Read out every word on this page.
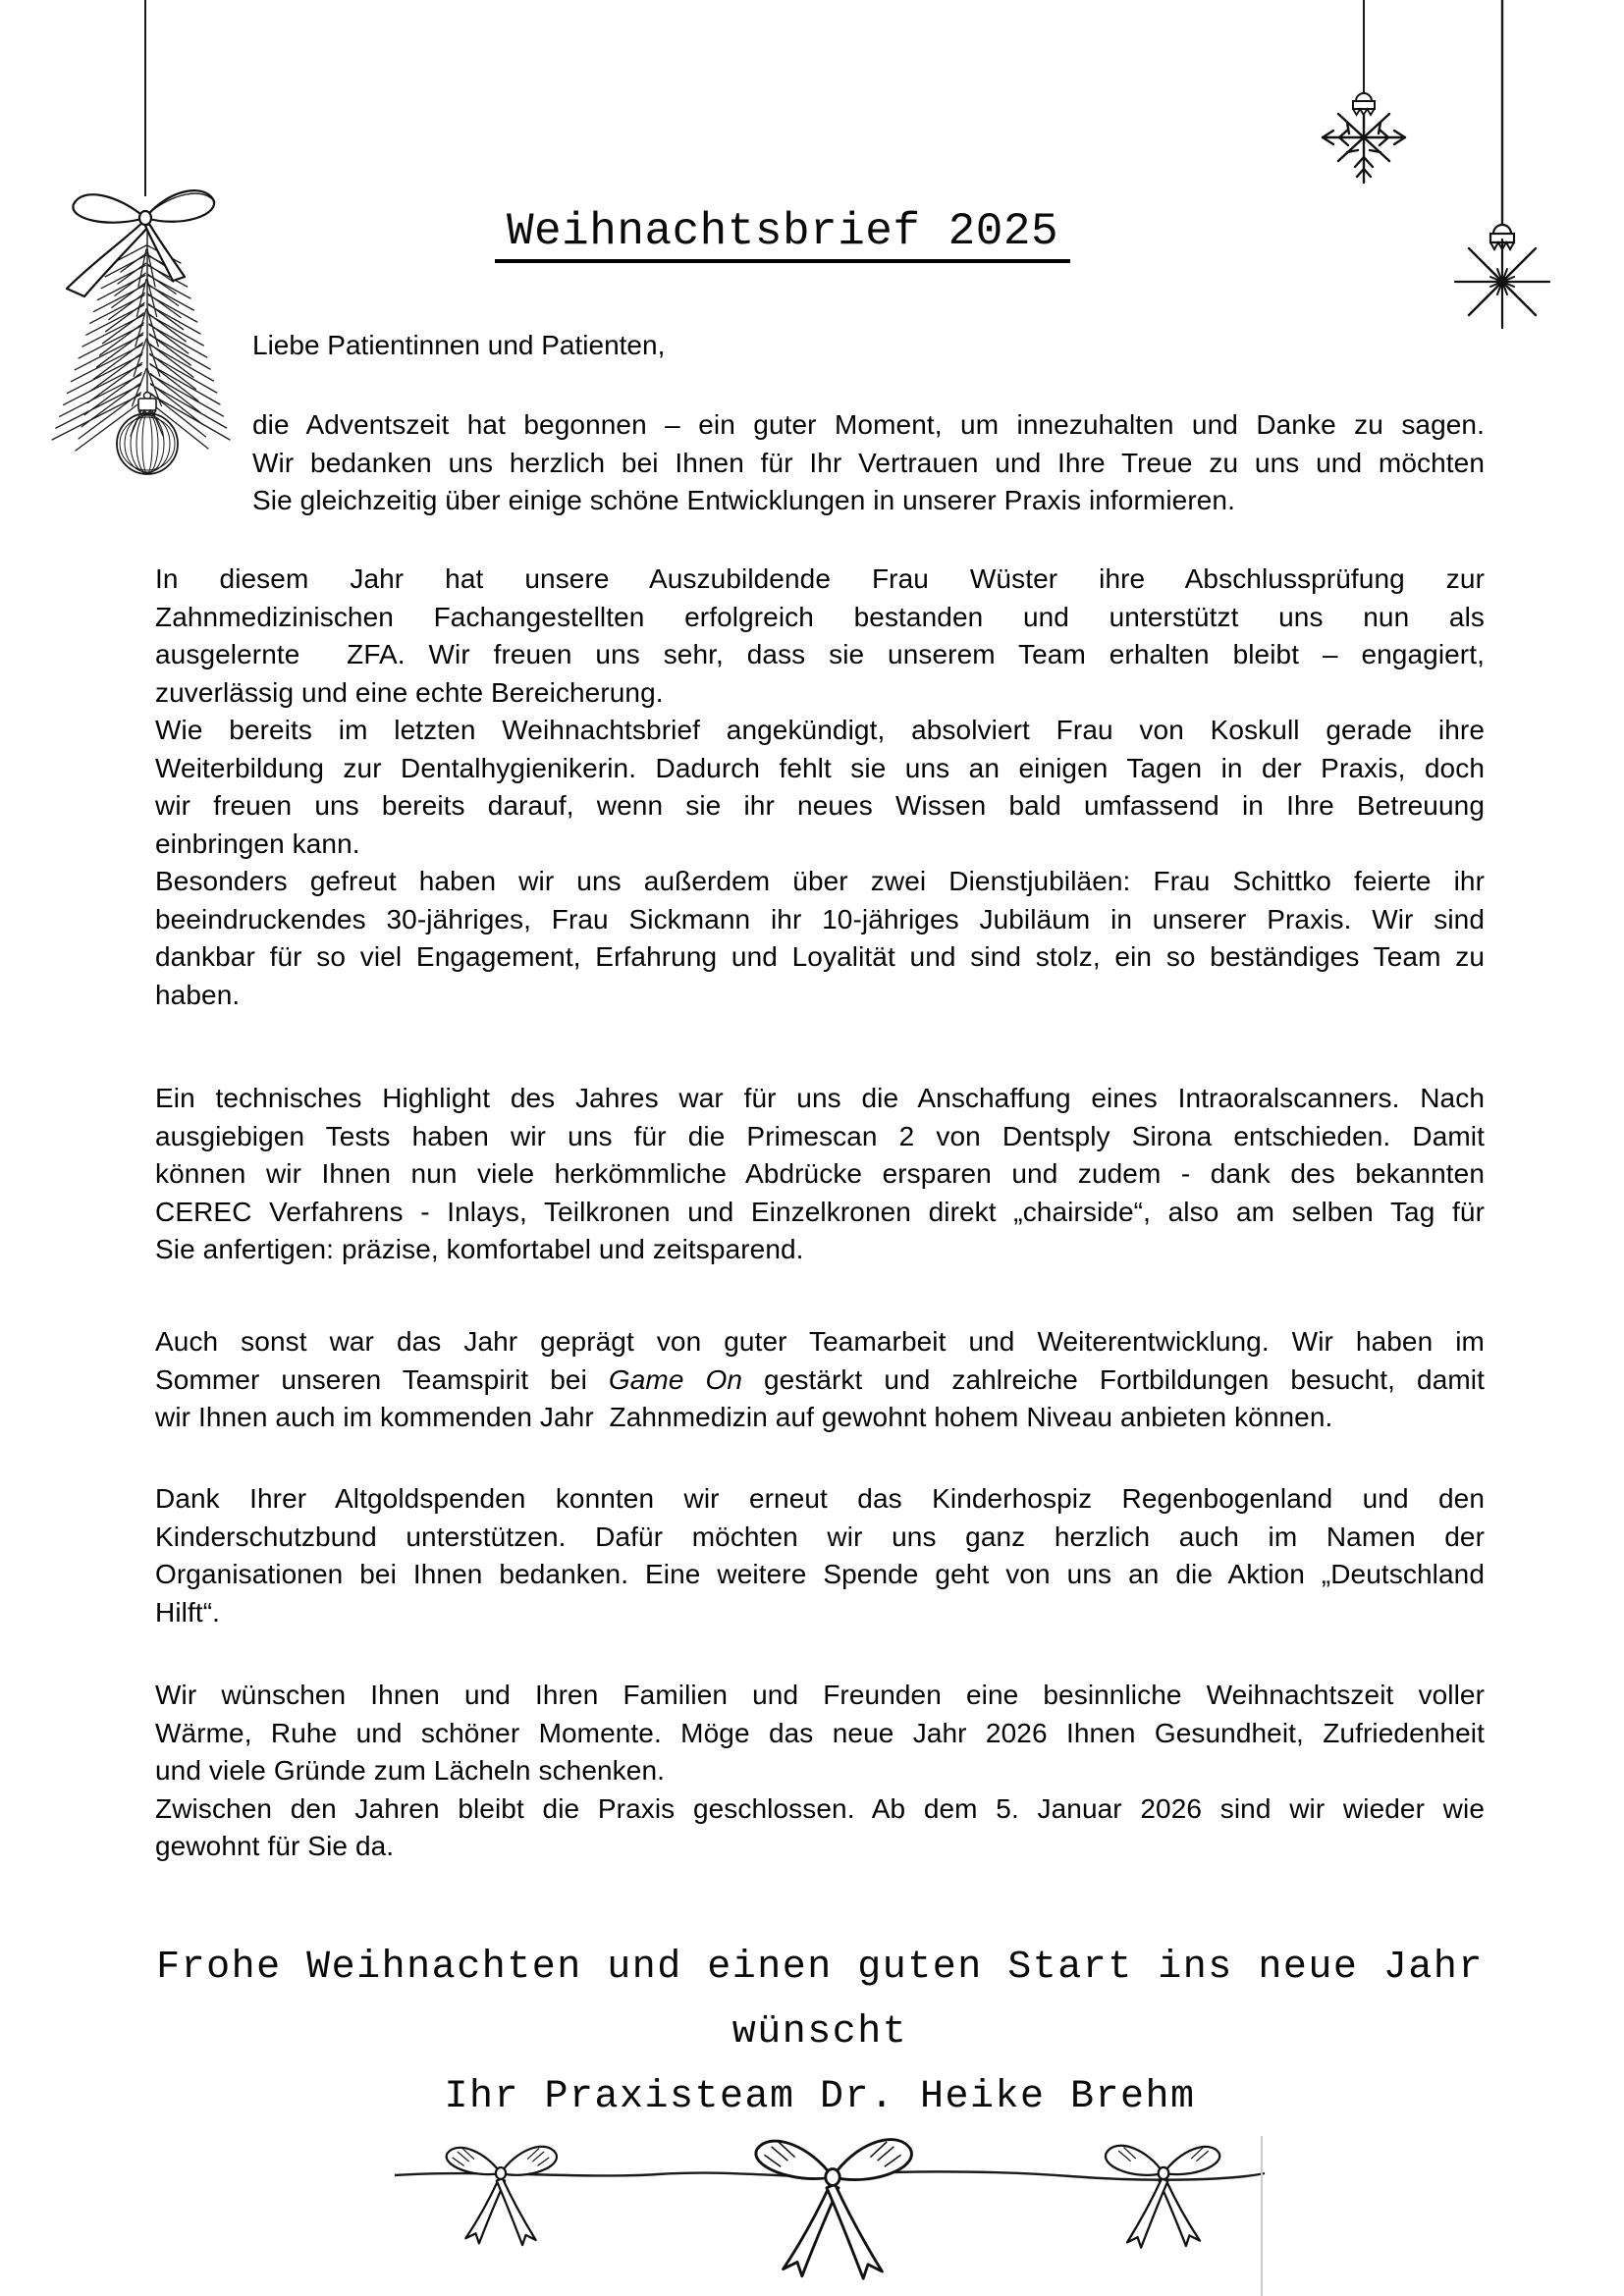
Weihnachtsbrief 2025
Liebe Patientinnen und Patienten,
die Adventszeit hat begonnen – ein guter Moment, um innezuhalten und Danke zu sagen.
Wir bedanken uns herzlich bei Ihnen für Ihr Vertrauen und Ihre Treue zu uns und möchten
Sie gleichzeitig über einige schöne Entwicklungen in unserer Praxis informieren.
In diesem Jahr hat unsere Auszubildende Frau Wüster ihre Abschlussprüfung zur
Zahnmedizinischen Fachangestellten erfolgreich bestanden und unterstützt uns nun als
ausgelernte  ZFA. Wir freuen uns sehr, dass sie unserem Team erhalten bleibt – engagiert,
zuverlässig und eine echte Bereicherung.
Wie bereits im letzten Weihnachtsbrief angekündigt, absolviert Frau von Koskull gerade ihre
Weiterbildung zur Dentalhygienikerin. Dadurch fehlt sie uns an einigen Tagen in der Praxis, doch
wir freuen uns bereits darauf, wenn sie ihr neues Wissen bald umfassend in Ihre Betreuung
einbringen kann.
Besonders gefreut haben wir uns außerdem über zwei Dienstjubiläen: Frau Schittko feierte ihr
beeindruckendes 30-jähriges, Frau Sickmann ihr 10-jähriges Jubiläum in unserer Praxis. Wir sind
dankbar für so viel Engagement, Erfahrung und Loyalität und sind stolz, ein so beständiges Team zu
haben.
Ein technisches Highlight des Jahres war für uns die Anschaffung eines Intraoralscanners. Nach
ausgiebigen Tests haben wir uns für die Primescan 2 von Dentsply Sirona entschieden. Damit
können wir Ihnen nun viele herkömmliche Abdrücke ersparen und zudem - dank des bekannten
CEREC Verfahrens - Inlays, Teilkronen und Einzelkronen direkt „chairside“, also am selben Tag für
Sie anfertigen: präzise, komfortabel und zeitsparend.
Auch sonst war das Jahr geprägt von guter Teamarbeit und Weiterentwicklung. Wir haben im
Sommer unseren Teamspirit bei Game On gestärkt und zahlreiche Fortbildungen besucht, damit
wir Ihnen auch im kommenden Jahr  Zahnmedizin auf gewohnt hohem Niveau anbieten können.
Dank Ihrer Altgoldspenden konnten wir erneut das Kinderhospiz Regenbogenland und den
Kinderschutzbund unterstützen. Dafür möchten wir uns ganz herzlich auch im Namen der
Organisationen bei Ihnen bedanken. Eine weitere Spende geht von uns an die Aktion „Deutschland
Hilft“.
Wir wünschen Ihnen und Ihren Familien und Freunden eine besinnliche Weihnachtszeit voller
Wärme, Ruhe und schöner Momente. Möge das neue Jahr 2026 Ihnen Gesundheit, Zufriedenheit
und viele Gründe zum Lächeln schenken.
Zwischen den Jahren bleibt die Praxis geschlossen. Ab dem 5. Januar 2026 sind wir wieder wie
gewohnt für Sie da.
Frohe Weihnachten und einen guten Start ins neue Jahr
wünscht
Ihr Praxisteam Dr. Heike Brehm
